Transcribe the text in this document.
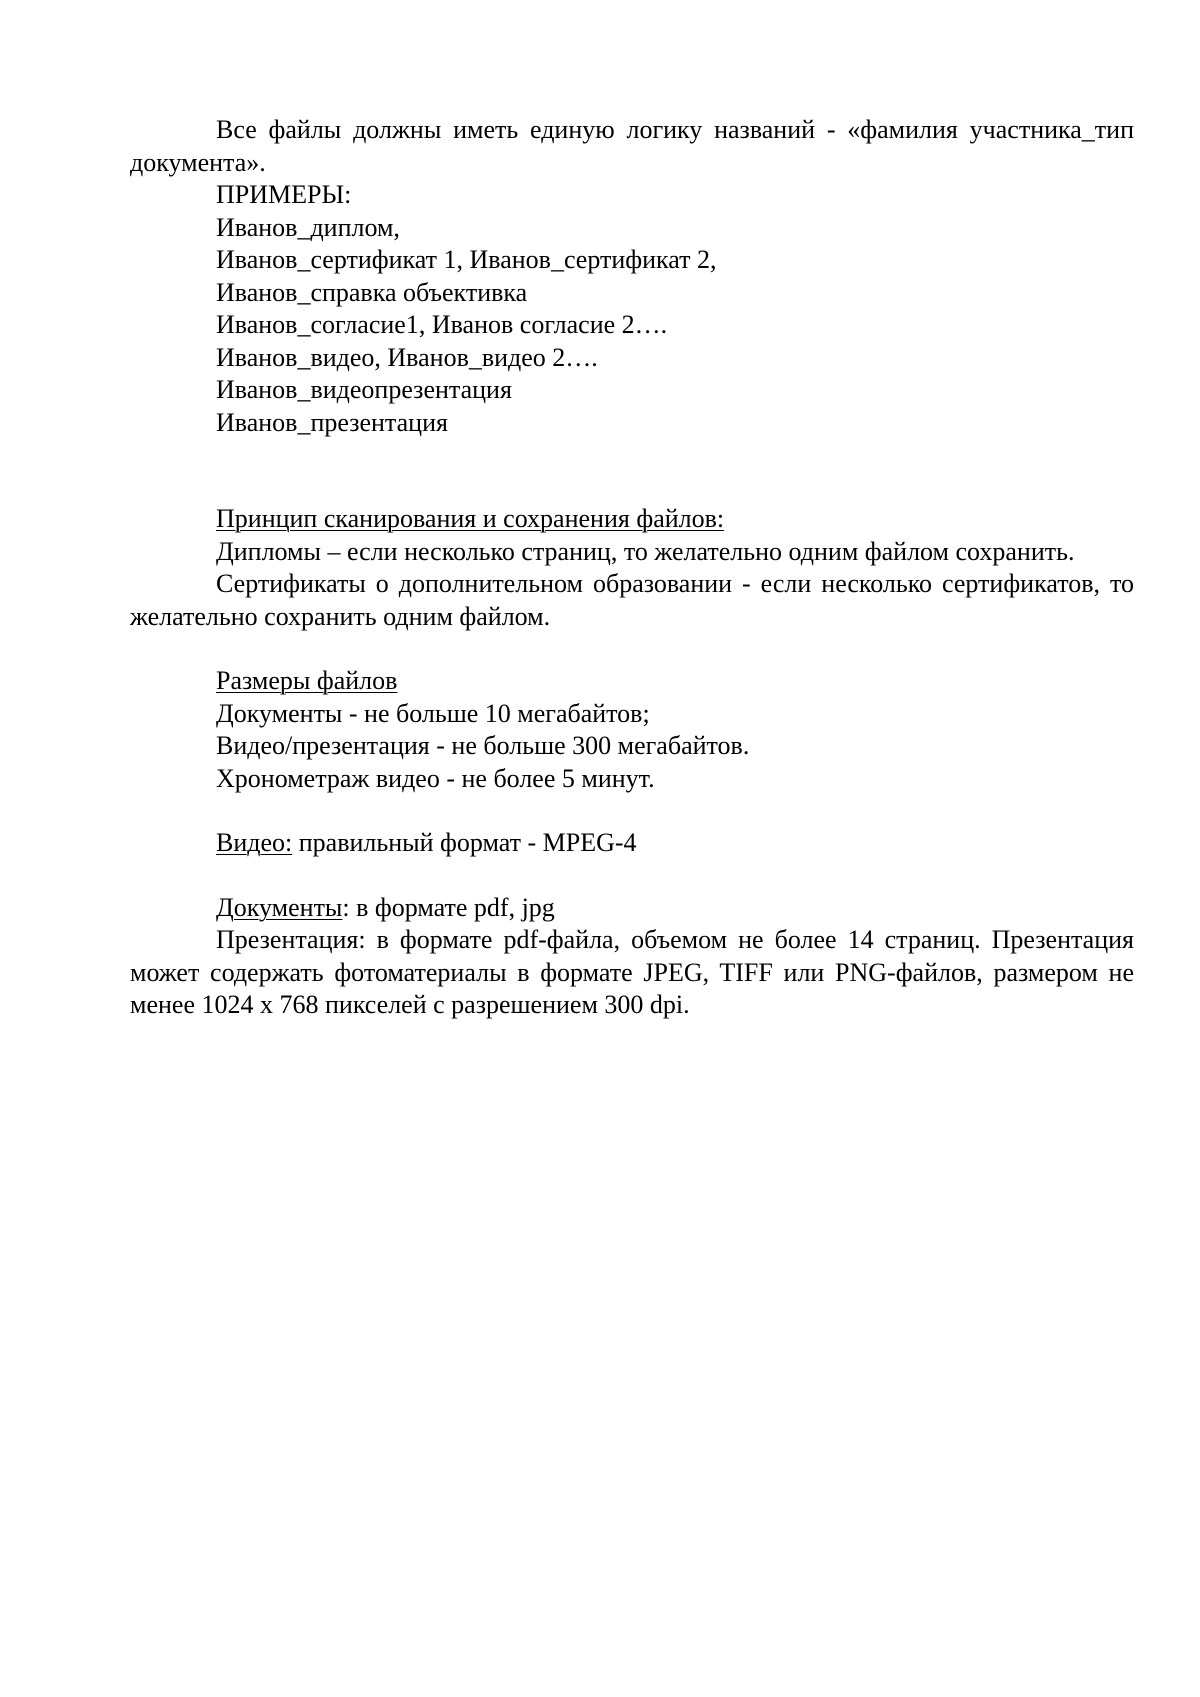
Все файлы должны иметь единую логику названий - «фамилия участника_тип документа».

ПРИМЕРЫ:

Иванов_диплом,

Иванов_сертификат 1, Иванов_сертификат 2,

Иванов_справка объективка

Иванов_согласие1, Иванов согласие 2….

Иванов_видео, Иванов_видео 2….

Иванов_видеопрезентация

Иванов_презентация

Принцип сканирования и сохранения файлов:

Дипломы – если несколько страниц, то желательно одним файлом сохранить.

Сертификаты о дополнительном образовании - если несколько сертификатов, то желательно сохранить одним файлом.

Размеры файлов

Документы - не больше 10 мегабайтов;

Видео/презентация - не больше 300 мегабайтов.

Хронометраж видео - не более 5 минут.

Видео: правильный формат - MPEG-4

Документы: в формате pdf, jpg

Презентация: в формате pdf-файла, объемом не более 14 страниц. Презентация может содержать фотоматериалы в формате JPEG, TIFF или PNG-файлов, размером не менее 1024 х 768 пикселей с разрешением 300 dpi.
